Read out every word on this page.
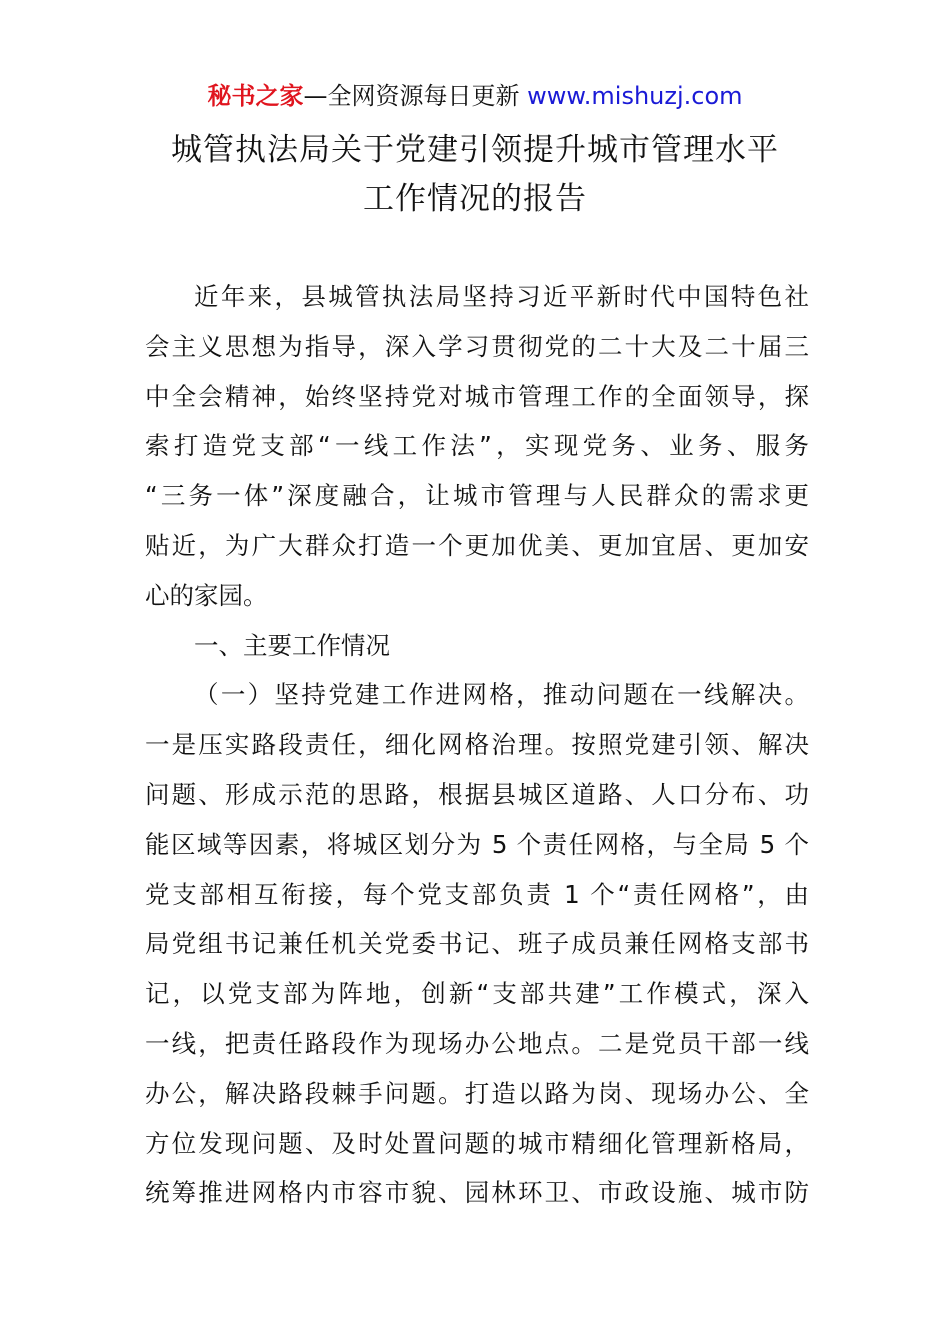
秘书之家—全网资源每日更新 www.mishuzj.com
城管执法局关于党建引领提升城市管理水平
工作情况的报告
近年来，县城管执法局坚持习近平新时代中国特色社
会主义思想为指导，深入学习贯彻党的二十大及二十届三
中全会精神，始终坚持党对城市管理工作的全面领导，探
索打造党支部“一线工作法”，实现党务、业务、服务
“三务一体”深度融合，让城市管理与人民群众的需求更
贴近，为广大群众打造一个更加优美、更加宜居、更加安
心的家园。
一、主要工作情况
（一）坚持党建工作进网格，推动问题在一线解决。
一是压实路段责任，细化网格治理。按照党建引领、解决
问题、形成示范的思路，根据县城区道路、人口分布、功
能区域等因素，将城区划分为 5 个责任网格，与全局 5 个
党支部相互衔接，每个党支部负责 1 个“责任网格”，由
局党组书记兼任机关党委书记、班子成员兼任网格支部书
记，以党支部为阵地，创新“支部共建”工作模式，深入
一线，把责任路段作为现场办公地点。二是党员干部一线
办公，解决路段棘手问题。打造以路为岗、现场办公、全
方位发现问题、及时处置问题的城市精细化管理新格局，
统筹推进网格内市容市貌、园林环卫、市政设施、城市防
